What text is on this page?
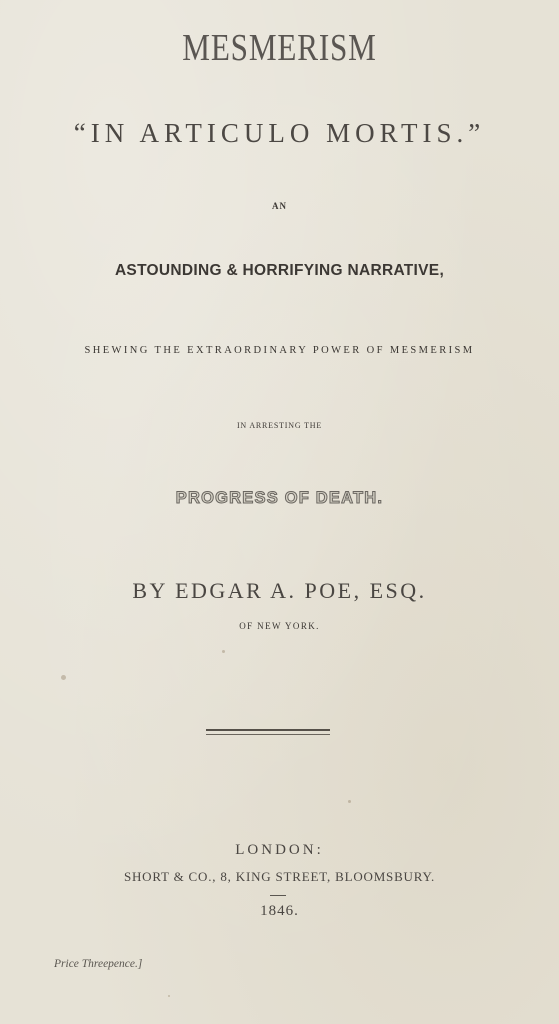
MESMERISM
“IN ARTICULO MORTIS.”
AN
ASTOUNDING & HORRIFYING NARRATIVE,
SHEWING THE EXTRAORDINARY POWER OF MESMERISM
IN ARRESTING THE
PROGRESS OF DEATH.
BY EDGAR A. POE, ESQ.
OF NEW YORK.
LONDON:
SHORT & CO., 8, KING STREET, BLOOMSBURY.
1846.
Price Threepence.]
